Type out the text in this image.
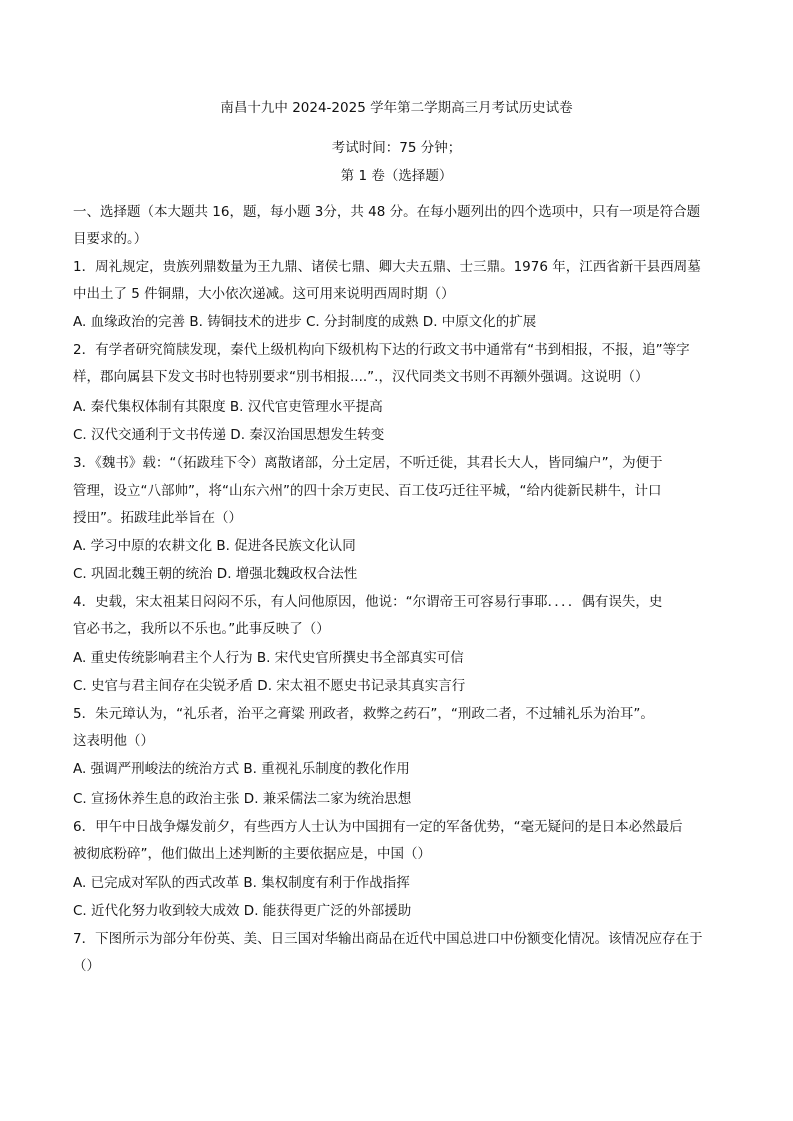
南昌十九中 2024-2025 学年第二学期高三月考试历史试卷
考试时间：75 分钟；
第 1 卷（选择题）
一、选择题（本大题共 16，题，每小题 3分，共 48 分。在每小题列出的四个选项中，只有一项是符合题
目要求的。）
1．周礼规定，贵族列鼎数量为王九鼎、诸侯七鼎、卿大夫五鼎、士三鼎。1976 年，江西省新干县西周墓
中出土了 5 件铜鼎，大小依次递减。这可用来说明西周时期（）
A. 血缘政治的完善 B. 铸铜技术的进步 C. 分封制度的成熟 D. 中原文化的扩展
2．有学者研究简牍发现，秦代上级机构向下级机构下达的行政文书中通常有“书到相报，不报，追”等字
样，郡向属县下发文书时也特别要求“別书相报....”.，汉代同类文书则不再额外强调。这说明（）
A. 秦代集权体制有其限度 B. 汉代官吏管理水平提高
C. 汉代交通利于文书传递 D. 秦汉治国思想发生转变
3．《魏书》载：“（拓跋珪下令）离散诸部，分土定居，不听迁徙，其君长大人，皆同编户”，为便于
管理，设立“八部帅”，将“山东六州”的四十余万吏民、百工伎巧迁往平城，“给内徙新民耕牛，计口
授田”。拓跋珪此举旨在（）
A. 学习中原的农耕文化 B. 促进各民族文化认同
C. 巩固北魏王朝的统治 D. 增强北魏政权合法性
4．史载，宋太祖某日闷闷不乐，有人问他原因，他说：“尔谓帝王可容易行事耶．．．．偶有误失，史
官必书之，我所以不乐也。”此事反映了（）
A. 重史传统影响君主个人行为 B. 宋代史官所撰史书全部真实可信
C. 史官与君主间存在尖锐矛盾 D. 宋太祖不愿史书记录其真实言行
5．朱元璋认为，“礼乐者，治平之膏粱 刑政者，救弊之药石”，“刑政二者，不过辅礼乐为治耳”。
这表明他（）
A. 强调严刑峻法的统治方式 B. 重视礼乐制度的教化作用
C. 宣扬休养生息的政治主张 D. 兼采儒法二家为统治思想
6．甲午中日战争爆发前夕，有些西方人士认为中国拥有一定的军备优势，“毫无疑问的是日本必然最后
被彻底粉碎”，他们做出上述判断的主要依据应是，中国（）
A. 已完成对军队的西式改革 B. 集权制度有利于作战指挥
C. 近代化努力收到较大成效 D. 能获得更广泛的外部援助
7．下图所示为部分年份英、美、日三国对华输出商品在近代中国总进口中份额变化情况。该情况应存在于
（）
